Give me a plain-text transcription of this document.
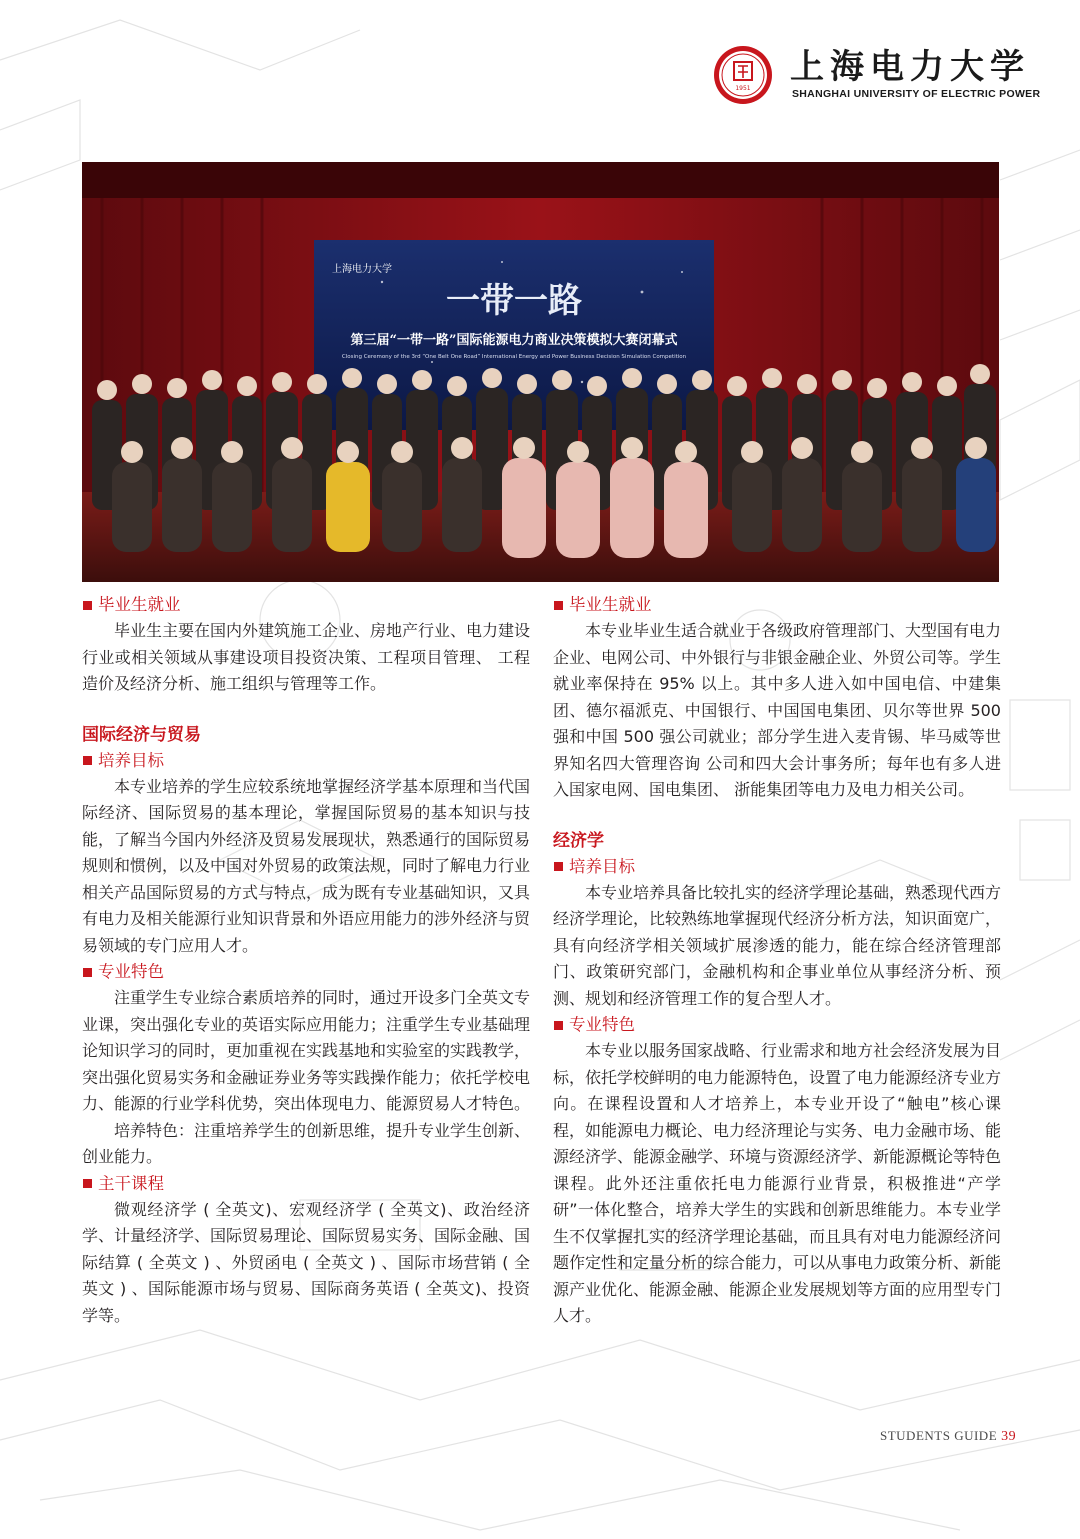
1951
上海电力大学
SHANGHAI UNIVERSITY OF ELECTRIC POWER
上海电力大学
一带一路
第三届“一带一路”国际能源电力商业决策模拟大赛闭幕式
Closing Ceremony of the 3rd “One Belt One Road” International Energy and Power Business Decision Simulation Competition
毕业生就业

毕业生主要在国内外建筑施工企业、房地产行业、电力建设行业或相关领域从事建设项目投资决策、工程项目管理、 工程造价及经济分析、施工组织与管理等工作。

国际经济与贸易
培养目标

本专业培养的学生应较系统地掌握经济学基本原理和当代国际经济、国际贸易的基本理论，掌握国际贸易的基本知识与技能，了解当今国内外经济及贸易发展现状，熟悉通行的国际贸易规则和惯例，以及中国对外贸易的政策法规，同时了解电力行业相关产品国际贸易的方式与特点，成为既有专业基础知识，又具有电力及相关能源行业知识背景和外语应用能力的涉外经济与贸易领域的专门应用人才。

专业特色

注重学生专业综合素质培养的同时，通过开设多门全英文专业课，突出强化专业的英语实际应用能力；注重学生专业基础理论知识学习的同时，更加重视在实践基地和实验室的实践教学，突出强化贸易实务和金融证券业务等实践操作能力；依托学校电力、能源的行业学科优势，突出体现电力、能源贸易人才特色。

培养特色：注重培养学生的创新思维，提升专业学生创新、创业能力。

主干课程

微观经济学 ( 全英文)、宏观经济学 ( 全英文)、政治经济学、计量经济学、国际贸易理论、国际贸易实务、国际金融、国际结算 ( 全英文 ) 、外贸函电 ( 全英文 ) 、国际市场营销 ( 全英文 ) 、国际能源市场与贸易、国际商务英语 ( 全英文)、投资学等。

毕业生就业

本专业毕业生适合就业于各级政府管理部门、大型国有电力企业、电网公司、中外银行与非银金融企业、外贸公司等。学生就业率保持在 95% 以上。其中多人进入如中国电信、中建集团、德尔福派克、中国银行、中国国电集团、贝尔等世界 500 强和中国 500 强公司就业；部分学生进入麦肯锡、毕马威等世界知名四大管理咨询 公司和四大会计事务所；每年也有多人进入国家电网、国电集团、 浙能集团等电力及电力相关公司。

经济学
培养目标

本专业培养具备比较扎实的经济学理论基础，熟悉现代西方经济学理论，比较熟练地掌握现代经济分析方法，知识面宽广，具有向经济学相关领域扩展渗透的能力，能在综合经济管理部门、政策研究部门，金融机构和企事业单位从事经济分析、预测、规划和经济管理工作的复合型人才。

专业特色

本专业以服务国家战略、行业需求和地方社会经济发展为目标，依托学校鲜明的电力能源特色，设置了电力能源经济专业方向。在课程设置和人才培养上，本专业开设了“触电”核心课程，如能源电力概论、电力经济理论与实务、电力金融市场、能源经济学、能源金融学、环境与资源经济学、新能源概论等特色课程。此外还注重依托电力能源行业背景，积极推进“产学研”一体化整合，培养大学生的实践和创新思维能力。本专业学生不仅掌握扎实的经济学理论基础，而且具有对电力能源经济问题作定性和定量分析的综合能力，可以从事电力政策分析、新能源产业优化、能源金融、能源企业发展规划等方面的应用型专门人才。

STUDENTS GUIDE 39
